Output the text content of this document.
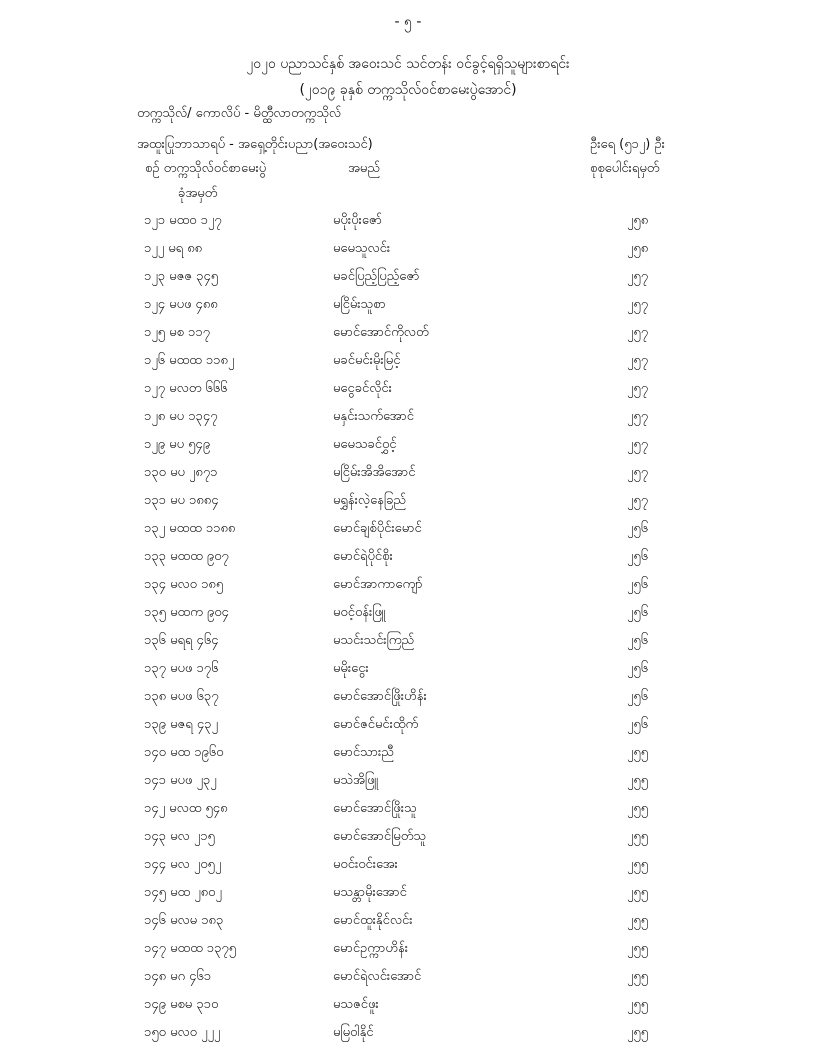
- ၅ -
၂၀၂၀ ပညာသင်နှစ် အဝေးသင် သင်တန်း ဝင်ခွင့်ရရှိသူများစာရင်း
(၂၀၁၉ ခုနှစ် တက္ကသိုလ်ဝင်စာမေးပွဲအောင်)
တက္ကသိုလ်/ ကောလိပ် - မိတ္ထီလာတက္ကသိုလ်
အထူးပြုဘာသာရပ် - အရှေ့တိုင်းပညာ(အဝေးသင်)	ဦးရေ (၅၁၂) ဦး
စဉ် တက္ကသိုလ်ဝင်စာမေးပွဲ	အမည်	စုစုပေါင်းရမှတ်
ခုံအမှတ်
၁၂၁ မထဝ ၁၂၇	မပိုးပိုးဇော်	၂၅၈
၁၂၂ မရ ၈၈	မမေသူလင်း	၂၅၈
၁၂၃ မဇဇ ၃၄၅	မခင်ပြည့်ပြည့်ဇော်	၂၅၇
၁၂၄ မပဖ ၄၈၈	မငြိမ်းသူစာ	၂၅၇
၁၂၅ မစ ၁၁၇	မောင်အောင်ကိုလတ်	၂၅၇
၁၂၆ မထထ ၁၁၈၂	မခင်မင်းမိုးမြင့်	၂၅၇
၁၂၇ မလတ ၆၆၆	မငွေခင်လိုင်း	၂၅၇
၁၂၈ မပ ၁၃၄၇	မနှင်းသက်အောင်	၂၅၇
၁၂၉ မပ ၅၄၉	မမေသခင်ဝွှင့်	၂၅၇
၁၃၀ မပ ၂၈၇၁	မငြိမ်းအိအိအောင်	၂၅၇
၁၃၁ မပ ၁၈၈၄	မရွှန်းလဲ့နေခြည်	၂၅၇
၁၃၂ မထထ ၁၁၈၈	မောင်ချစ်ပိုင်းမောင်	၂၅၆
၁၃၃ မထထ ၉၀၇	မောင်ရဲပိုင်စိုး	၂၅၆
၁၃၄ မလဝ ၁၈၅	မောင်အာကာကျော်	၂၅၆
၁၃၅ မထက ၉၀၄	မဝင့်ဝန်းဖြူ	၂၅၆
၁၃၆ မရရ ၄၆၄	မသင်းသင်းကြည်	၂၅၆
၁၃၇ မပဖ ၁၇၆	မမိုးငွေး	၂၅၆
၁၃၈ မပဖ ၆၃၇	မောင်အောင်ဖြိုးဟိန်း	၂၅၆
၁၃၉ မဇရ ၄၃၂	မောင်ဇင်မင်းထိုက်	၂၅၆
၁၄၀ မထ ၁၉၆၀	မောင်သားညီ	၂၅၅
၁၄၁ မပဖ ၂၃၂	မသဲအိဖြူ	၂၅၅
၁၄၂ မလထ ၅၄၈	မောင်အောင်ဖြိုးသူ	၂၅၅
၁၄၃ မလ ၂၁၅	မောင်အောင်မြတ်သူ	၂၅၅
၁၄၄ မလ ၂၀၅၂	မဝင်းဝင်းအေး	၂၅၅
၁၄၅ မထ ၂၈၀၂	မသန္တာမိုးအောင်	၂၅၅
၁၄၆ မလမ ၁၈၃	မောင်ထူးနိုင်လင်း	၂၅၅
၁၄၇ မထထ ၁၃၇၅	မောင်ဥက္ကာဟိန်း	၂၅၅
၁၄၈ မဂ ၄၆၁	မောင်ရဲလင်းအောင်	၂၅၅
၁၄၉ မစမ ၃၁၀	မသဇင်ဖူး	၂၅၅
၁၅၀ မလဝ ၂၂၂	မမြဝါနိုင်	၂၅၅
